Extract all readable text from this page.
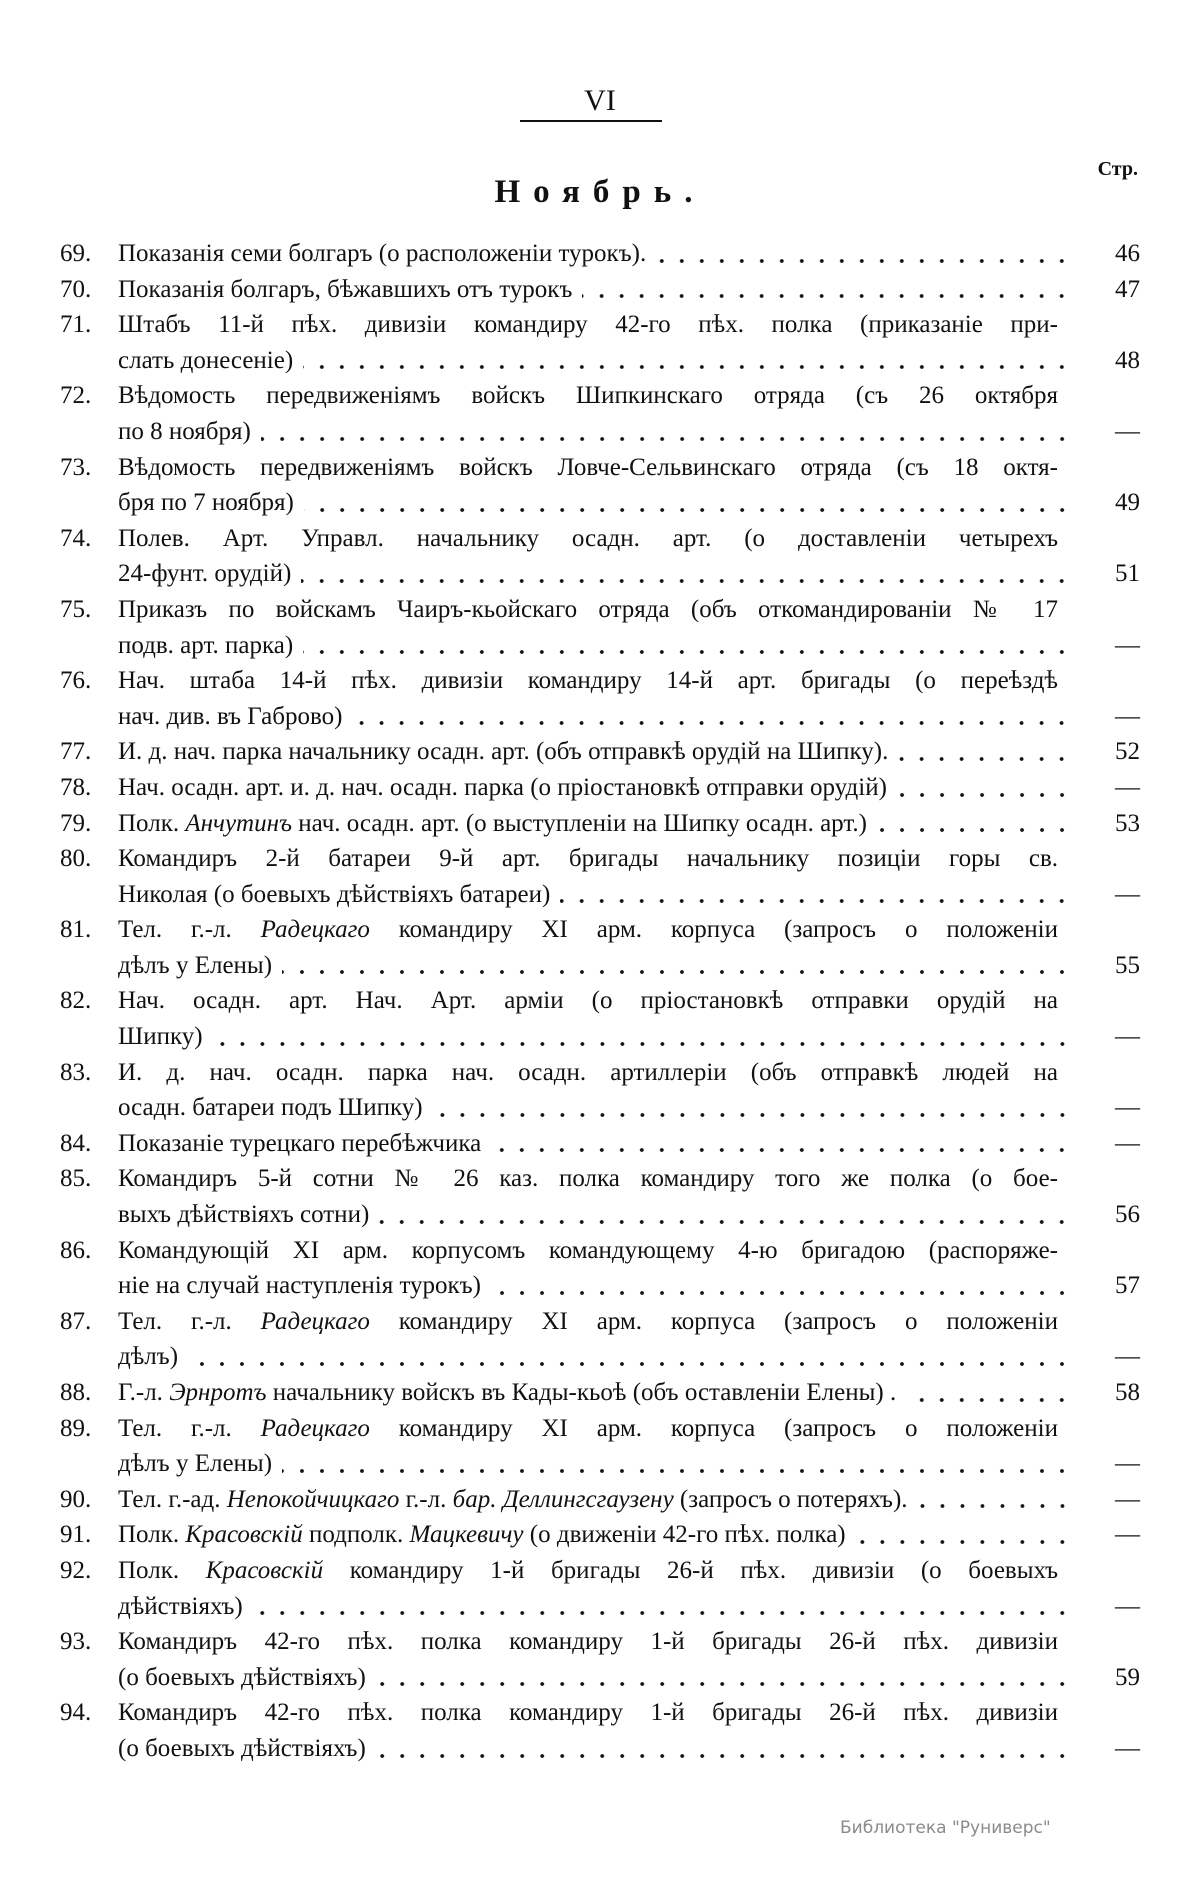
VI
Стр.
Ноябрь.
69.	Показанія семи болгаръ (о расположеніи турокъ).	46
70.	Показанія болгаръ, бѣжавшихъ отъ турокъ	47
71.	Штабъ 11-й пѣх. дивизіи командиру 42-го пѣх. полка (приказаніе при-
слать донесеніе)	48
72.	Вѣдомость передвиженіямъ войскъ Шипкинскаго отряда (съ 26 октября
по 8 ноября)	—
73.	Вѣдомость передвиженіямъ войскъ Ловче-Сельвинскаго отряда (съ 18 октя-
бря по 7 ноября)	49
74.	Полев. Арт. Управл. начальнику осадн. арт. (о доставленіи четырехъ
24-фунт. орудій)	51
75.	Приказъ по войскамъ Чаиръ-кьойскаго отряда (объ откомандированіи № 17
подв. арт. парка)	—
76.	Нач. штаба 14-й пѣх. дивизіи командиру 14-й арт. бригады (о переѣздѣ
нач. див. въ Габрово)	—
77.	И. д. нач. парка начальнику осадн. арт. (объ отправкѣ орудій на Шипку).	52
78.	Нач. осадн. арт. и. д. нач. осадн. парка (о пріостановкѣ отправки орудій)	—
79.	Полк. Анчутинъ нач. осадн. арт. (о выступленіи на Шипку осадн. арт.)	53
80.	Командиръ 2-й батареи 9-й арт. бригады начальнику позиціи горы св.
Николая (о боевыхъ дѣйствіяхъ батареи)	—
81.	Тел. г.-л. Радецкаго командиру XI арм. корпуса (запросъ о положеніи
дѣлъ у Елены)	55
82.	Нач. осадн. арт. Нач. Арт. арміи (о пріостановкѣ отправки орудій на
Шипку)	—
83.	И. д. нач. осадн. парка нач. осадн. артиллеріи (объ отправкѣ людей на
осадн. батареи подъ Шипку)	—
84.	Показаніе турецкаго перебѣжчика	—
85.	Командиръ 5-й сотни № 26 каз. полка командиру того же полка (о бое-
выхъ дѣйствіяхъ сотни)	56
86.	Командующій XI арм. корпусомъ командующему 4-ю бригадою (распоряже-
ніе на случай наступленія турокъ)	57
87.	Тел. г.-л. Радецкаго командиру XI арм. корпуса (запросъ о положеніи
дѣлъ)	—
88.	Г.-л. Эрнротъ начальнику войскъ въ Кады-кьоѣ (объ оставленіи Елены) .	58
89.	Тел. г.-л. Радецкаго командиру XI арм. корпуса (запросъ о положеніи
дѣлъ у Елены)	—
90.	Тел. г.-ад. Непокойчицкаго г.-л. бар. Деллингсгаузену (запросъ о потеряхъ).	—
91.	Полк. Красовскій подполк. Мацкевичу (о движеніи 42-го пѣх. полка)	—
92.	Полк. Красовскій командиру 1-й бригады 26-й пѣх. дивизіи (о боевыхъ
дѣйствіяхъ)	—
93.	Командиръ 42-го пѣх. полка командиру 1-й бригады 26-й пѣх. дивизіи
(о боевыхъ дѣйствіяхъ)	59
94.	Командиръ 42-го пѣх. полка командиру 1-й бригады 26-й пѣх. дивизіи
(о боевыхъ дѣйствіяхъ)	—
Библиотека "Руниверс"
